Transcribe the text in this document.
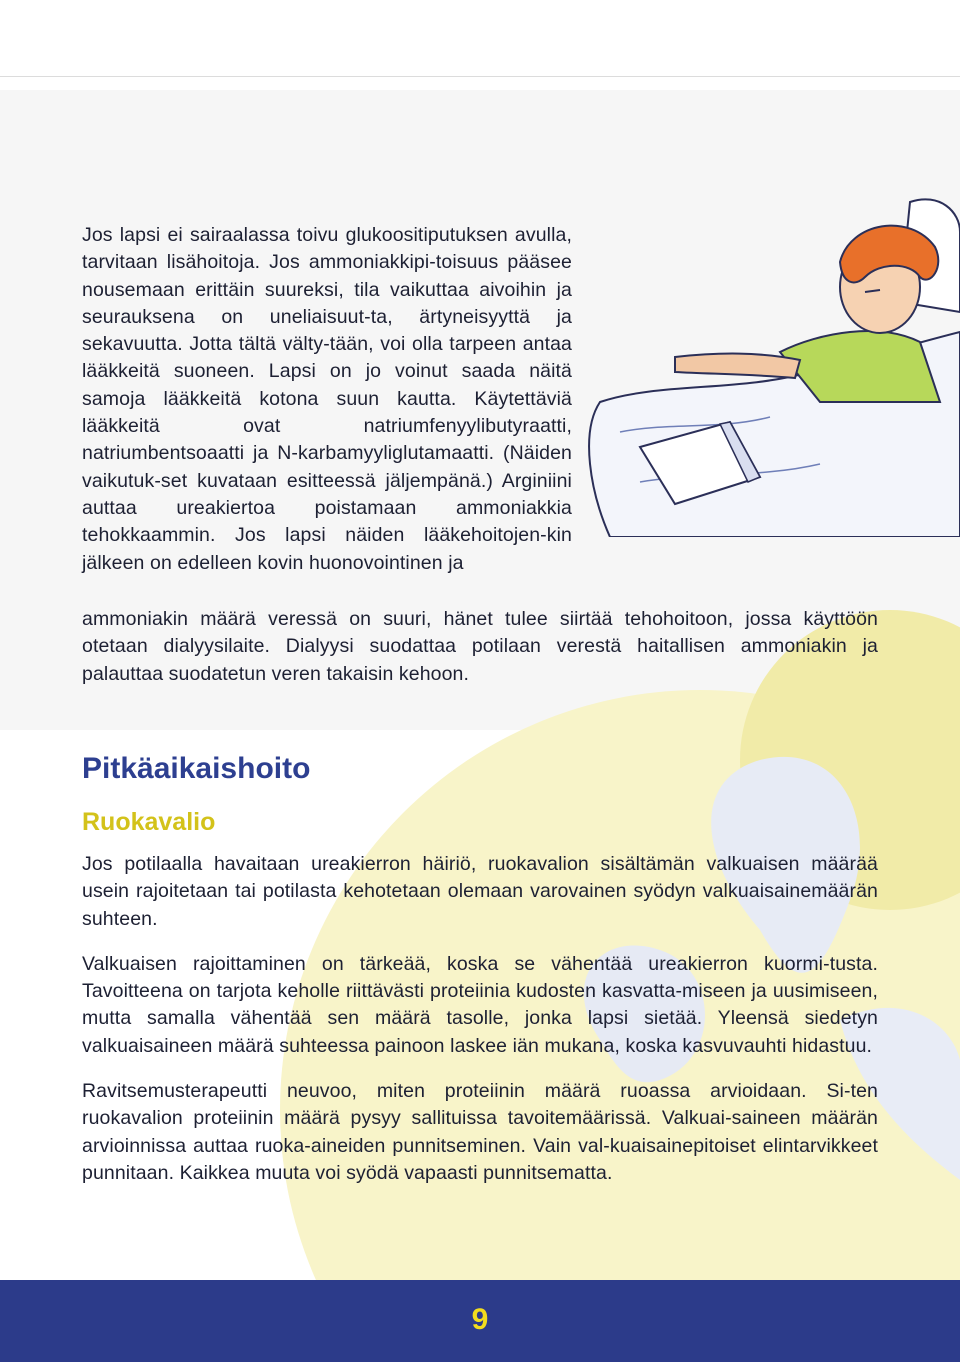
Jos lapsi ei sairaalassa toivu glukoositiputuksen avulla, tarvitaan lisähoitoja. Jos ammoniakkipi-toisuus pääsee nousemaan erittäin suureksi, tila vaikuttaa aivoihin ja seurauksena on uneliaisuut-ta, ärtyneisyyttä ja sekavuutta. Jotta tältä välty-tään, voi olla tarpeen antaa lääkkeitä suoneen. Lapsi on jo voinut saada näitä samoja lääkkeitä kotona suun kautta. Käytettäviä lääkkeitä ovat natriumfenyylibutyraatti, natriumbentsoaatti ja N-karbamyyliglutamaatti. (Näiden vaikutuk-set kuvataan esitteessä jäljempänä.) Arginiini auttaa ureakiertoa poistamaan ammoniakkia tehokkaammin. Jos lapsi näiden lääkehoitojen-kin jälkeen on edelleen kovin huonovointinen ja

ammoniakin määrä veressä on suuri, hänet tulee siirtää tehohoitoon, jossa käyttöön otetaan dialyysilaite. Dialyysi suodattaa potilaan verestä haitallisen ammoniakin ja palauttaa suodatetun veren takaisin kehoon.

Pitkäaikaishoito
Ruokavalio

Jos potilaalla havaitaan ureakierron häiriö, ruokavalion sisältämän valkuaisen määrää usein rajoitetaan tai potilasta kehotetaan olemaan varovainen syödyn valkuaisainemäärän suhteen.

Valkuaisen rajoittaminen on tärkeää, koska se vähentää ureakierron kuormi-tusta. Tavoitteena on tarjota keholle riittävästi proteiinia kudosten kasvatta-miseen ja uusimiseen, mutta samalla vähentää sen määrä tasolle, jonka lapsi sietää. Yleensä siedetyn valkuaisaineen määrä suhteessa painoon laskee iän mukana, koska kasvuvauhti hidastuu.

Ravitsemusterapeutti neuvoo, miten proteiinin määrä ruoassa arvioidaan. Si-ten ruokavalion proteiinin määrä pysyy sallituissa tavoitemäärissä. Valkuai-saineen määrän arvioinnissa auttaa ruoka-aineiden punnitseminen. Vain val-kuaisainepitoiset elintarvikkeet punnitaan. Kaikkea muuta voi syödä vapaasti punnitsematta.

9
